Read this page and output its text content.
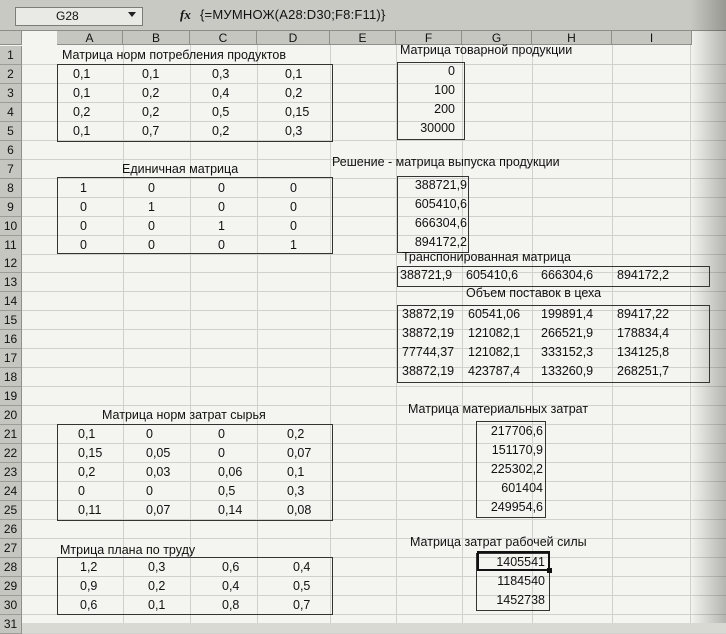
G28	fx {=МУМНОЖ(A28:D30;F8:F11)}
A	B	C	D	E	F	G	H	I
1
2
3
4
5
6
7
8
9
10
11
12
13
14
15
16
17
18
19
20
21
22
23
24
25
26
27
28
29
30
31
Матрица норм потребления продуктов
0,1	0,1	0,3	0,1
0,1	0,2	0,4	0,2
0,2	0,2	0,5	0,15
0,1	0,7	0,2	0,3
Матрица товарной продукции
0
100
200
30000
Единичная матрица
1	0	0	0
0	1	0	0
0	0	1	0
0	0	0	1
Решение - матрица выпуска продукции
388721,9
605410,6
666304,6
894172,2
Транспонированная матрица
388721,9 605410,6 666304,6 894172,2
Объем поставок в цеха
38872,19 60541,06 199891,4 89417,22
38872,19 121082,1 266521,9 178834,4
77744,37 121082,1 333152,3 134125,8
38872,19 423787,4 133260,9 268251,7
Матрица норм затрат сырья
0,1	0	0	0,2
0,15	0,05	0	0,07
0,2	0,03	0,06	0,1
0	0	0,5	0,3
0,11	0,07	0,14	0,08
Матрица материальных затрат
217706,6
151170,9
225302,2
601404
249954,6
Мтрица плана по труду
1,2	0,3	0,6	0,4
0,9	0,2	0,4	0,5
0,6	0,1	0,8	0,7
Матрица затрат рабочей силы
1405541
1184540
1452738
